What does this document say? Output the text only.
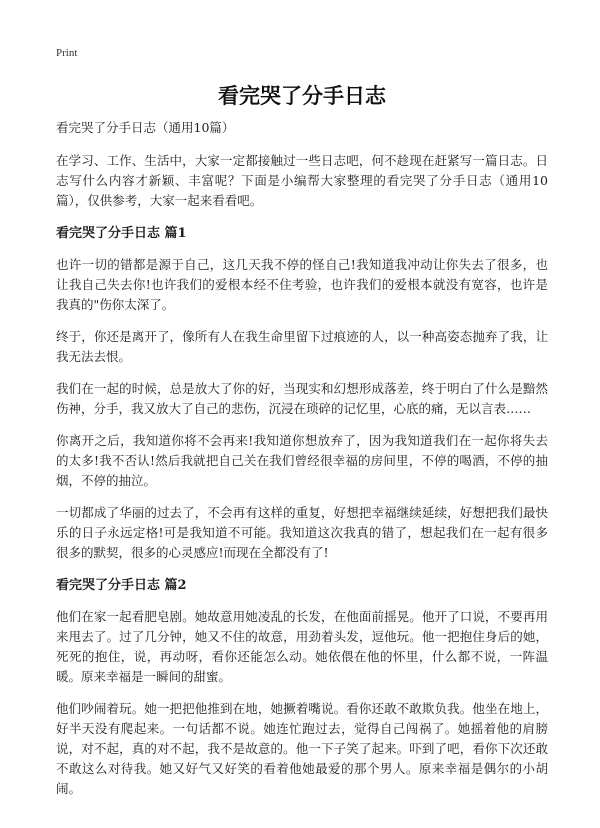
Print
看完哭了分手日志
看完哭了分手日志（通用10篇）

在学习、工作、生活中，大家一定都接触过一些日志吧，何不趁现在赶紧写一篇日志。日志写什么内容才新颖、丰富呢？下面是小编帮大家整理的看完哭了分手日志（通用10篇），仅供参考，大家一起来看看吧。

看完哭了分手日志 篇1

也许一切的错都是源于自己，这几天我不停的怪自己!我知道我冲动让你失去了很多，也让我自己失去你!也许我们的爱根本经不住考验，也许我们的爱根本就没有宽容，也许是我真的"伤你太深了。

终于，你还是离开了，像所有人在我生命里留下过痕迹的人，以一种高姿态抛弃了我，让我无法去恨。

我们在一起的时候，总是放大了你的好，当现实和幻想形成落差，终于明白了什么是黯然伤神，分手，我又放大了自己的悲伤，沉浸在琐碎的记忆里，心底的痛，无以言表……

你离开之后，我知道你将不会再来!我知道你想放弃了，因为我知道我们在一起你将失去的太多!我不否认!然后我就把自己关在我们曾经很幸福的房间里，不停的喝酒，不停的抽烟，不停的抽泣。

一切都成了华丽的过去了，不会再有这样的重复，好想把幸福继续延续，好想把我们最快乐的日子永远定格!可是我知道不可能。我知道这次我真的错了，想起我们在一起有很多很多的默契，很多的心灵感应!而现在全都没有了!

看完哭了分手日志 篇2

他们在家一起看肥皂剧。她故意用她凌乱的长发，在他面前摇晃。他开了口说，不要再用来甩去了。过了几分钟，她又不住的故意，用劲着头发，逗他玩。他一把抱住身后的她，死死的抱住，说，再动呀，看你还能怎么动。她依偎在他的怀里，什么都不说，一阵温暖。原来幸福是一瞬间的甜蜜。

他们吵闹着玩。她一把把他推到在地，她撅着嘴说。看你还敢不敢欺负我。他坐在地上，好半天没有爬起来。一句话都不说。她连忙跑过去，觉得自己闯祸了。她摇着他的肩膀说，对不起，真的对不起，我不是故意的。他一下子笑了起来。吓到了吧，看你下次还敢不敢这么对待我。她又好气又好笑的看着他她最爱的那个男人。原来幸福是偶尔的小胡闹。
